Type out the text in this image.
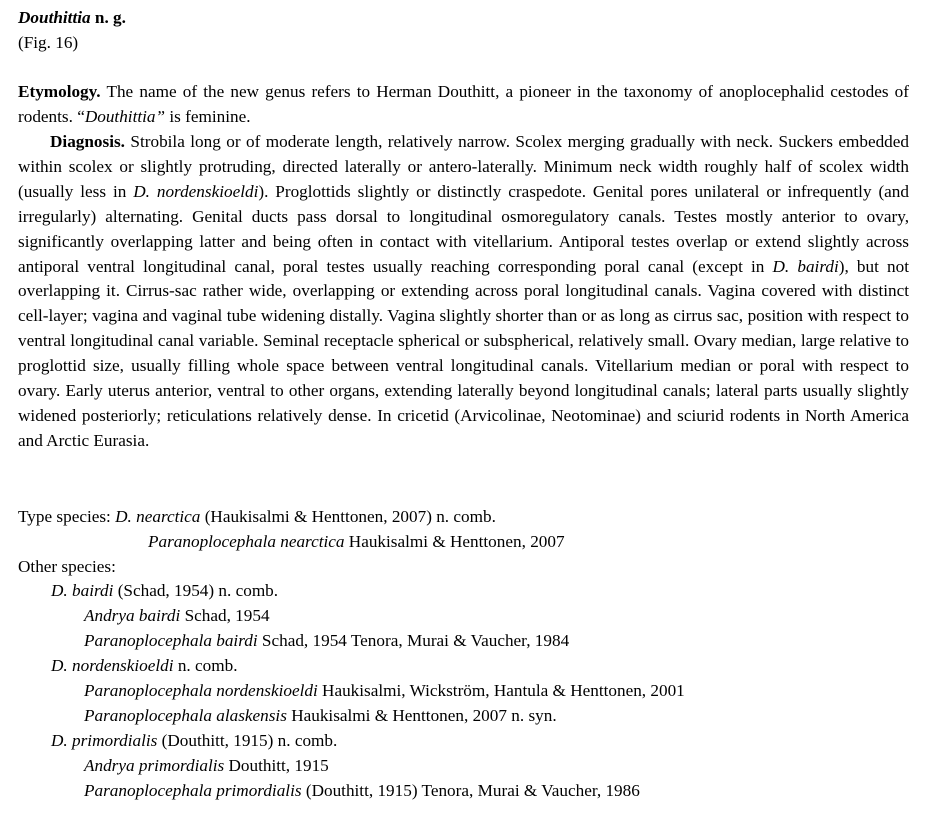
Douthittia n. g.
(Fig. 16)
Etymology. The name of the new genus refers to Herman Douthitt, a pioneer in the taxonomy of anoplocephalid cestodes of rodents. “Douthittia” is feminine.
Diagnosis. Strobila long or of moderate length, relatively narrow. Scolex merging gradually with neck. Suckers embedded within scolex or slightly protruding, directed laterally or antero-laterally. Minimum neck width roughly half of scolex width (usually less in D. nordenskioeldi). Proglottids slightly or distinctly craspedote. Genital pores unilateral or infrequently (and irregularly) alternating. Genital ducts pass dorsal to longitudinal osmoregulatory canals. Testes mostly anterior to ovary, significantly overlapping latter and being often in contact with vitellarium. Antiporal testes overlap or extend slightly across antiporal ventral longitudinal canal, poral testes usually reaching corresponding poral canal (except in D. bairdi), but not overlapping it. Cirrus-sac rather wide, overlapping or extending across poral longitudinal canals. Vagina covered with distinct cell-layer; vagina and vaginal tube widening distally. Vagina slightly shorter than or as long as cirrus sac, position with respect to ventral longitudinal canal variable. Seminal receptacle spherical or subspherical, relatively small. Ovary median, large relative to proglottid size, usually filling whole space between ventral longitudinal canals. Vitellarium median or poral with respect to ovary. Early uterus anterior, ventral to other organs, extending laterally beyond longitudinal canals; lateral parts usually slightly widened posteriorly; reticulations relatively dense. In cricetid (Arvicolinae, Neotominae) and sciurid rodents in North America and Arctic Eurasia.
Type species: D. nearctica (Haukisalmi & Henttonen, 2007) n. comb.
Paranoplocephala nearctica Haukisalmi & Henttonen, 2007
Other species:
D. bairdi (Schad, 1954) n. comb.
Andrya bairdi Schad, 1954
Paranoplocephala bairdi Schad, 1954 Tenora, Murai & Vaucher, 1984
D. nordenskioeldi n. comb.
Paranoplocephala nordenskioeldi Haukisalmi, Wickström, Hantula & Henttonen, 2001
Paranoplocephala alaskensis Haukisalmi & Henttonen, 2007 n. syn.
D. primordialis (Douthitt, 1915) n. comb.
Andrya primordialis Douthitt, 1915
Paranoplocephala primordialis (Douthitt, 1915) Tenora, Murai & Vaucher, 1986
